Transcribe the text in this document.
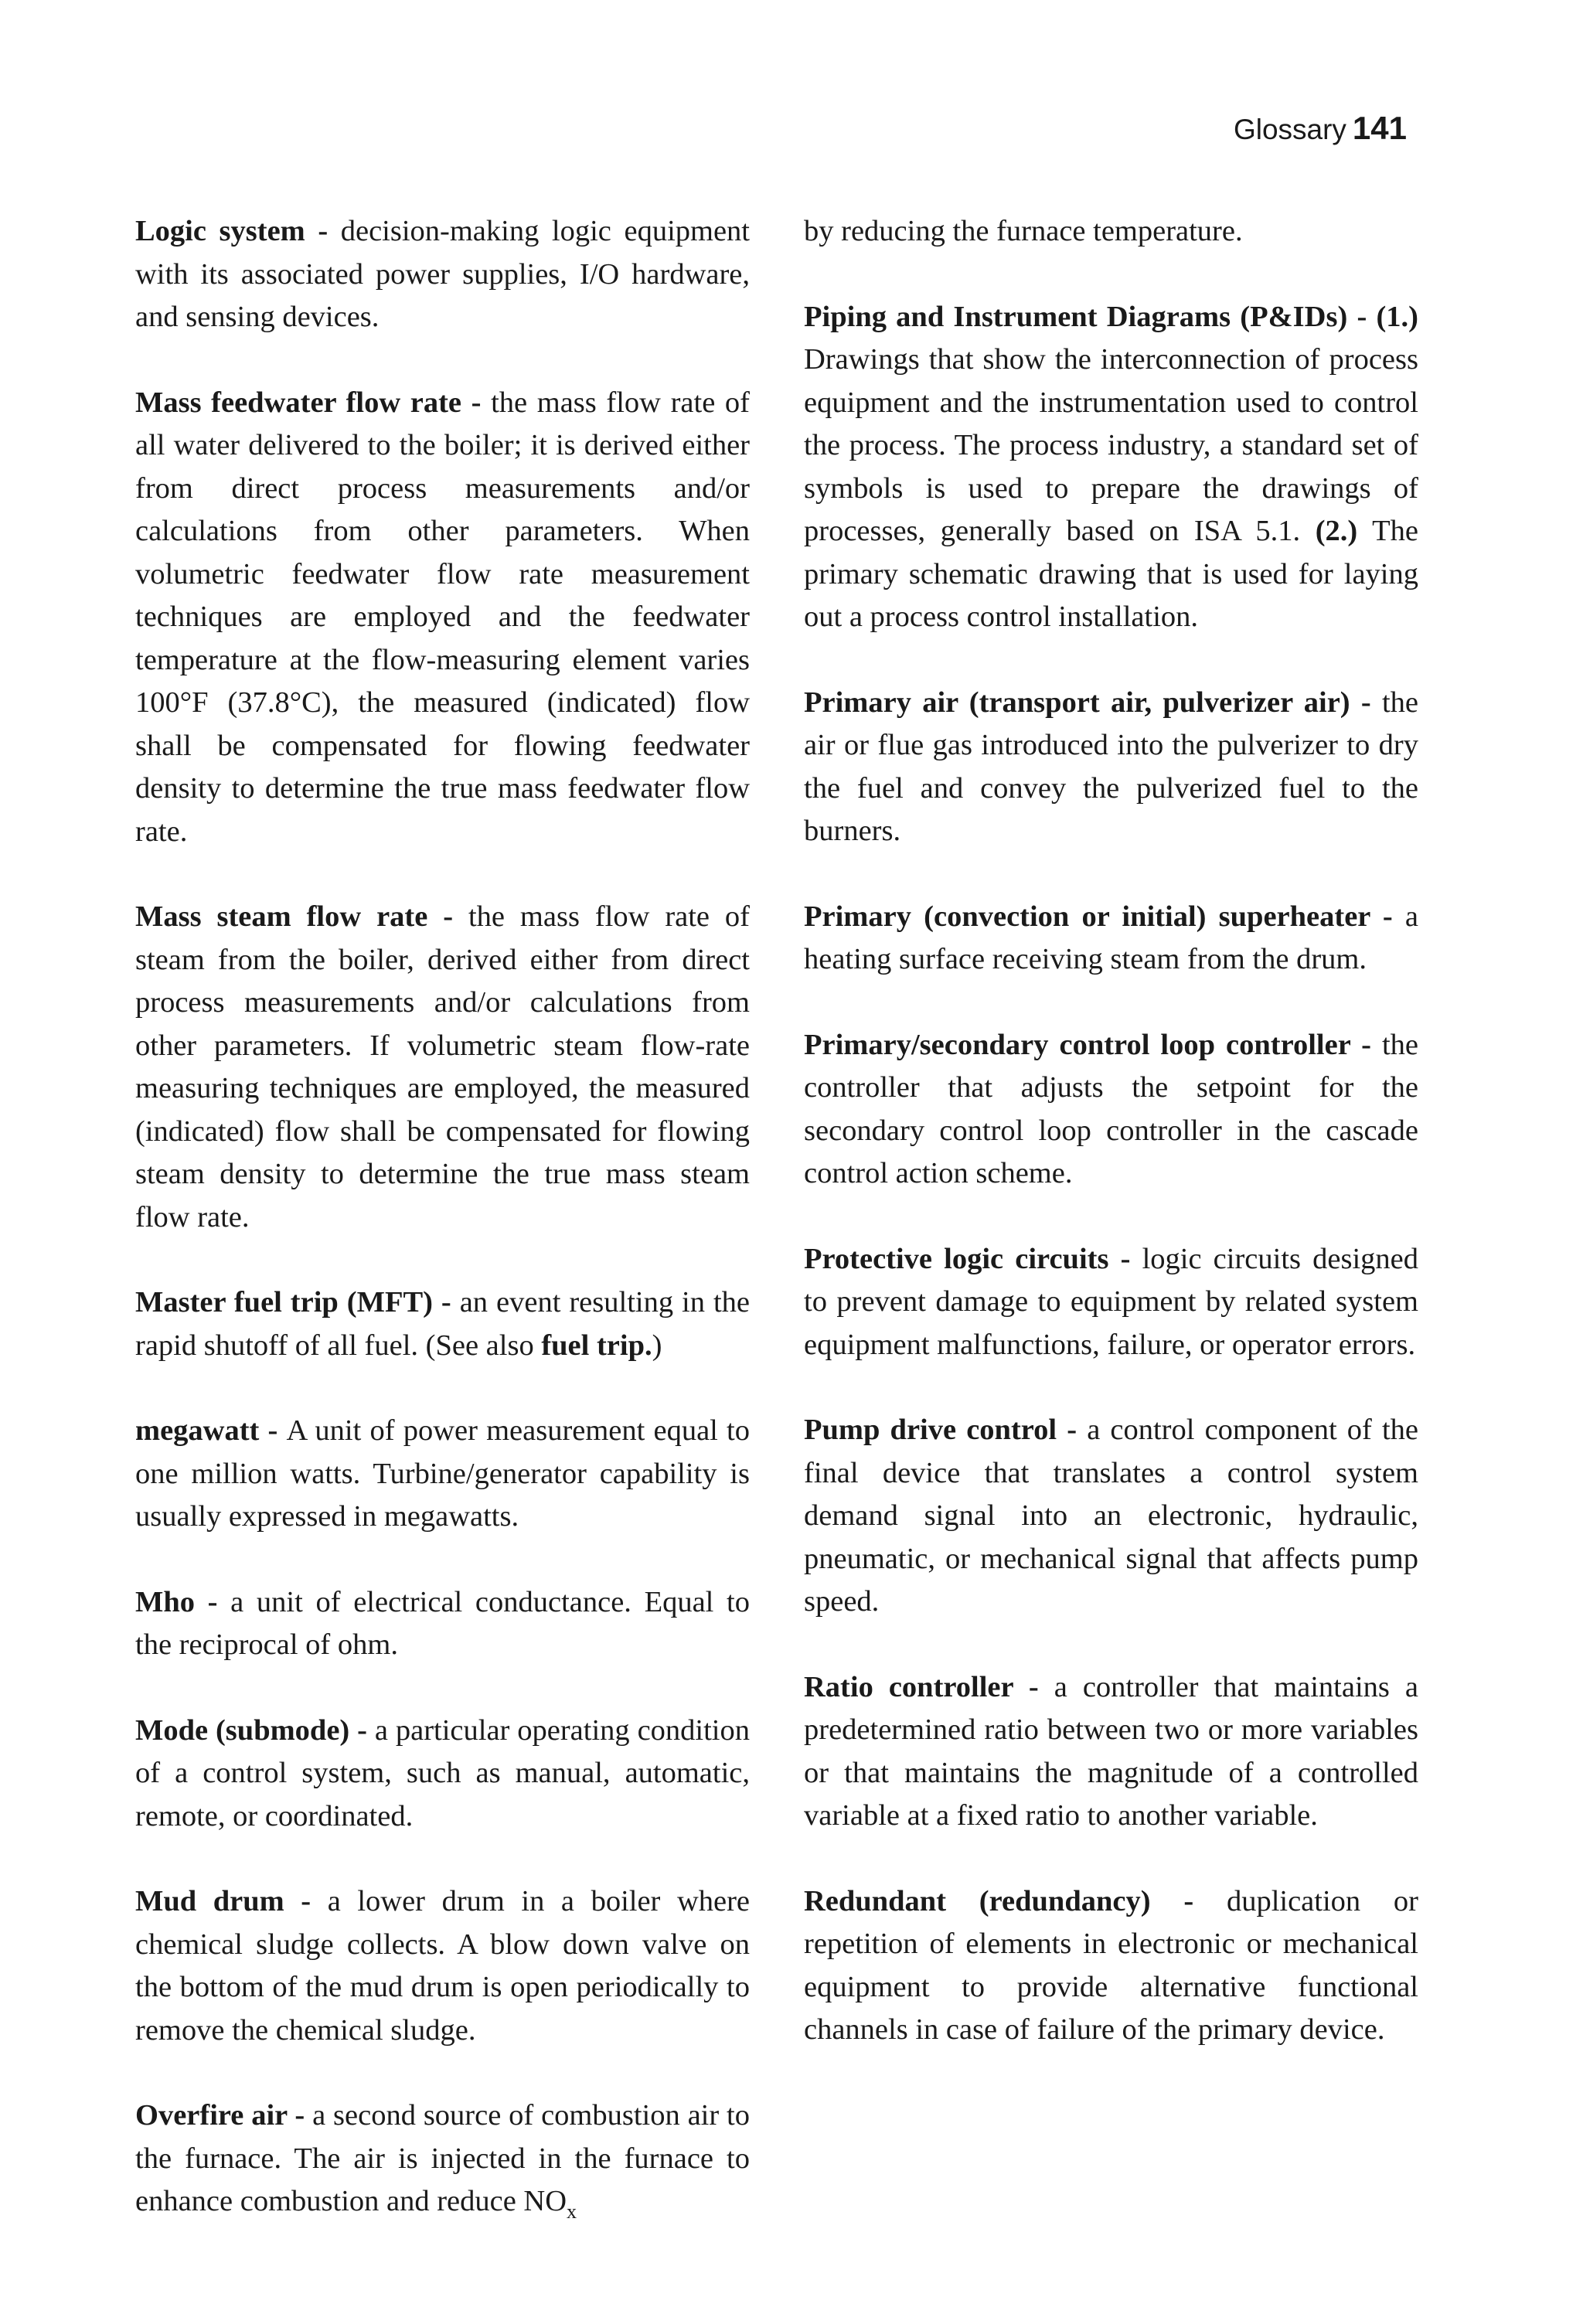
Glossary 141

Logic system - decision-making logic equipment with its associated power supplies, I/O hardware, and sensing devices.

Mass feedwater flow rate - the mass flow rate of all water delivered to the boiler; it is derived either from direct process measurements and/or calculations from other parameters. When volumetric feedwater flow rate measurement techniques are employed and the feedwater temperature at the flow-measuring element varies 100°F (37.8°C), the measured (indicated) flow shall be compensated for flowing feedwater density to determine the true mass feedwater flow rate.

Mass steam flow rate - the mass flow rate of steam from the boiler, derived either from direct process measurements and/or calculations from other parameters. If volumetric steam flow-rate measuring techniques are employed, the measured (indicated) flow shall be compensated for flowing steam density to determine the true mass steam flow rate.

Master fuel trip (MFT) - an event resulting in the rapid shutoff of all fuel. (See also fuel trip.)

megawatt - A unit of power measurement equal to one million watts. Turbine/generator capability is usually expressed in megawatts.

Mho - a unit of electrical conductance. Equal to the reciprocal of ohm.

Mode (submode) - a particular operating condition of a control system, such as manual, automatic, remote, or coordinated.

Mud drum - a lower drum in a boiler where chemical sludge collects. A blow down valve on the bottom of the mud drum is open periodically to remove the chemical sludge.

Overfire air - a second source of combustion air to the furnace. The air is injected in the furnace to enhance combustion and reduce $NO_x$

by reducing the furnace temperature.

Piping and Instrument Diagrams (P&IDs) - (1.) Drawings that show the interconnection of process equipment and the instrumentation used to control the process. The process industry, a standard set of symbols is used to prepare the drawings of processes, generally based on ISA 5.1. (2.) The primary schematic drawing that is used for laying out a process control installation.

Primary air (transport air, pulverizer air) - the air or flue gas introduced into the pulverizer to dry the fuel and convey the pulverized fuel to the burners.

Primary (convection or initial) superheater - a heating surface receiving steam from the drum.

Primary/secondary control loop controller - the controller that adjusts the setpoint for the secondary control loop controller in the cascade control action scheme.

Protective logic circuits - logic circuits designed to prevent damage to equipment by related system equipment malfunctions, failure, or operator errors.

Pump drive control - a control component of the final device that translates a control system demand signal into an electronic, hydraulic, pneumatic, or mechanical signal that affects pump speed.

Ratio controller - a controller that maintains a predetermined ratio between two or more variables or that maintains the magnitude of a controlled variable at a fixed ratio to another variable.

Redundant (redundancy) - duplication or repetition of elements in electronic or mechanical equipment to provide alternative functional channels in case of failure of the primary device.
